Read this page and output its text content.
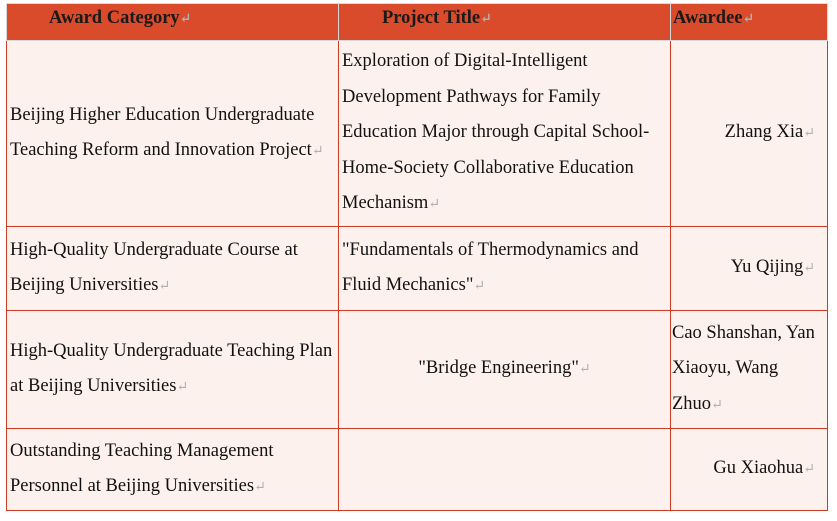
Award Category↵	Project Title↵	Awardee↵
Beijing Higher Education Undergraduate Teaching Reform and Innovation Project↵	Exploration of Digital-Intelligent Development Pathways for Family Education Major through Capital School-Home-Society Collaborative Education Mechanism↵	Zhang Xia↵
High-Quality Undergraduate Course at Beijing Universities↵	"Fundamentals of Thermodynamics and Fluid Mechanics"↵	Yu Qijing↵
High-Quality Undergraduate Teaching Plan at Beijing Universities↵	"Bridge Engineering"↵	Cao Shanshan, Yan Xiaoyu, Wang Zhuo↵
Outstanding Teaching Management Personnel at Beijing Universities↵		Gu Xiaohua↵
